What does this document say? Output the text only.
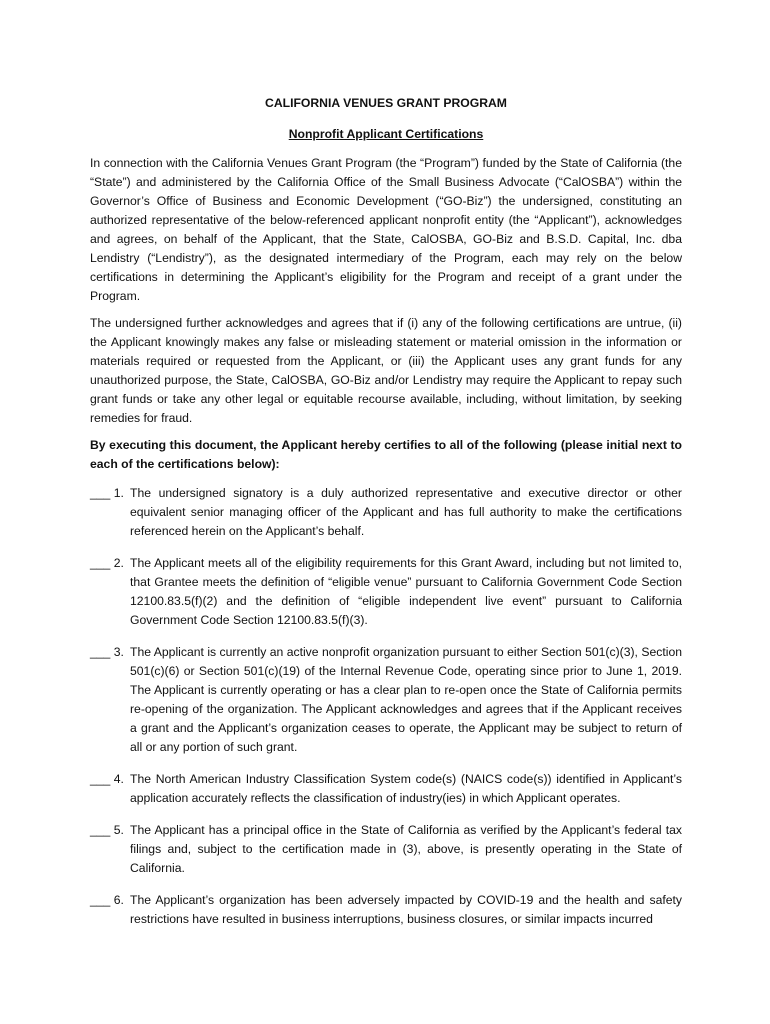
CALIFORNIA VENUES GRANT PROGRAM
Nonprofit Applicant Certifications

In connection with the California Venues Grant Program (the “Program”) funded by the State of California (the “State”) and administered by the California Office of the Small Business Advocate (“CalOSBA”) within the Governor’s Office of Business and Economic Development (“GO-Biz”) the undersigned, constituting an authorized representative of the below-referenced applicant nonprofit entity (the “Applicant”), acknowledges and agrees, on behalf of the Applicant, that the State, CalOSBA, GO-Biz and B.S.D. Capital, Inc. dba Lendistry (“Lendistry”), as the designated intermediary of the Program, each may rely on the below certifications in determining the Applicant’s eligibility for the Program and receipt of a grant under the Program.

The undersigned further acknowledges and agrees that if (i) any of the following certifications are untrue, (ii) the Applicant knowingly makes any false or misleading statement or material omission in the information or materials required or requested from the Applicant, or (iii) the Applicant uses any grant funds for any unauthorized purpose, the State, CalOSBA, GO-Biz and/or Lendistry may require the Applicant to repay such grant funds or take any other legal or equitable recourse available, including, without limitation, by seeking remedies for fraud.

By executing this document, the Applicant hereby certifies to all of the following (please initial next to each of the certifications below):

___ 1. The undersigned signatory is a duly authorized representative and executive director or other equivalent senior managing officer of the Applicant and has full authority to make the certifications referenced herein on the Applicant’s behalf.
___ 2. The Applicant meets all of the eligibility requirements for this Grant Award, including but not limited to, that Grantee meets the definition of “eligible venue” pursuant to California Government Code Section 12100.83.5(f)(2) and the definition of “eligible independent live event” pursuant to California Government Code Section 12100.83.5(f)(3).
___ 3. The Applicant is currently an active nonprofit organization pursuant to either Section 501(c)(3), Section 501(c)(6) or Section 501(c)(19) of the Internal Revenue Code, operating since prior to June 1, 2019. The Applicant is currently operating or has a clear plan to re-open once the State of California permits re-opening of the organization. The Applicant acknowledges and agrees that if the Applicant receives a grant and the Applicant’s organization ceases to operate, the Applicant may be subject to return of all or any portion of such grant.
___ 4. The North American Industry Classification System code(s) (NAICS code(s)) identified in Applicant’s application accurately reflects the classification of industry(ies) in which Applicant operates.
___ 5. The Applicant has a principal office in the State of California as verified by the Applicant’s federal tax filings and, subject to the certification made in (3), above, is presently operating in the State of California.
___ 6. The Applicant’s organization has been adversely impacted by COVID-19 and the health and safety restrictions have resulted in business interruptions, business closures, or similar impacts incurred
